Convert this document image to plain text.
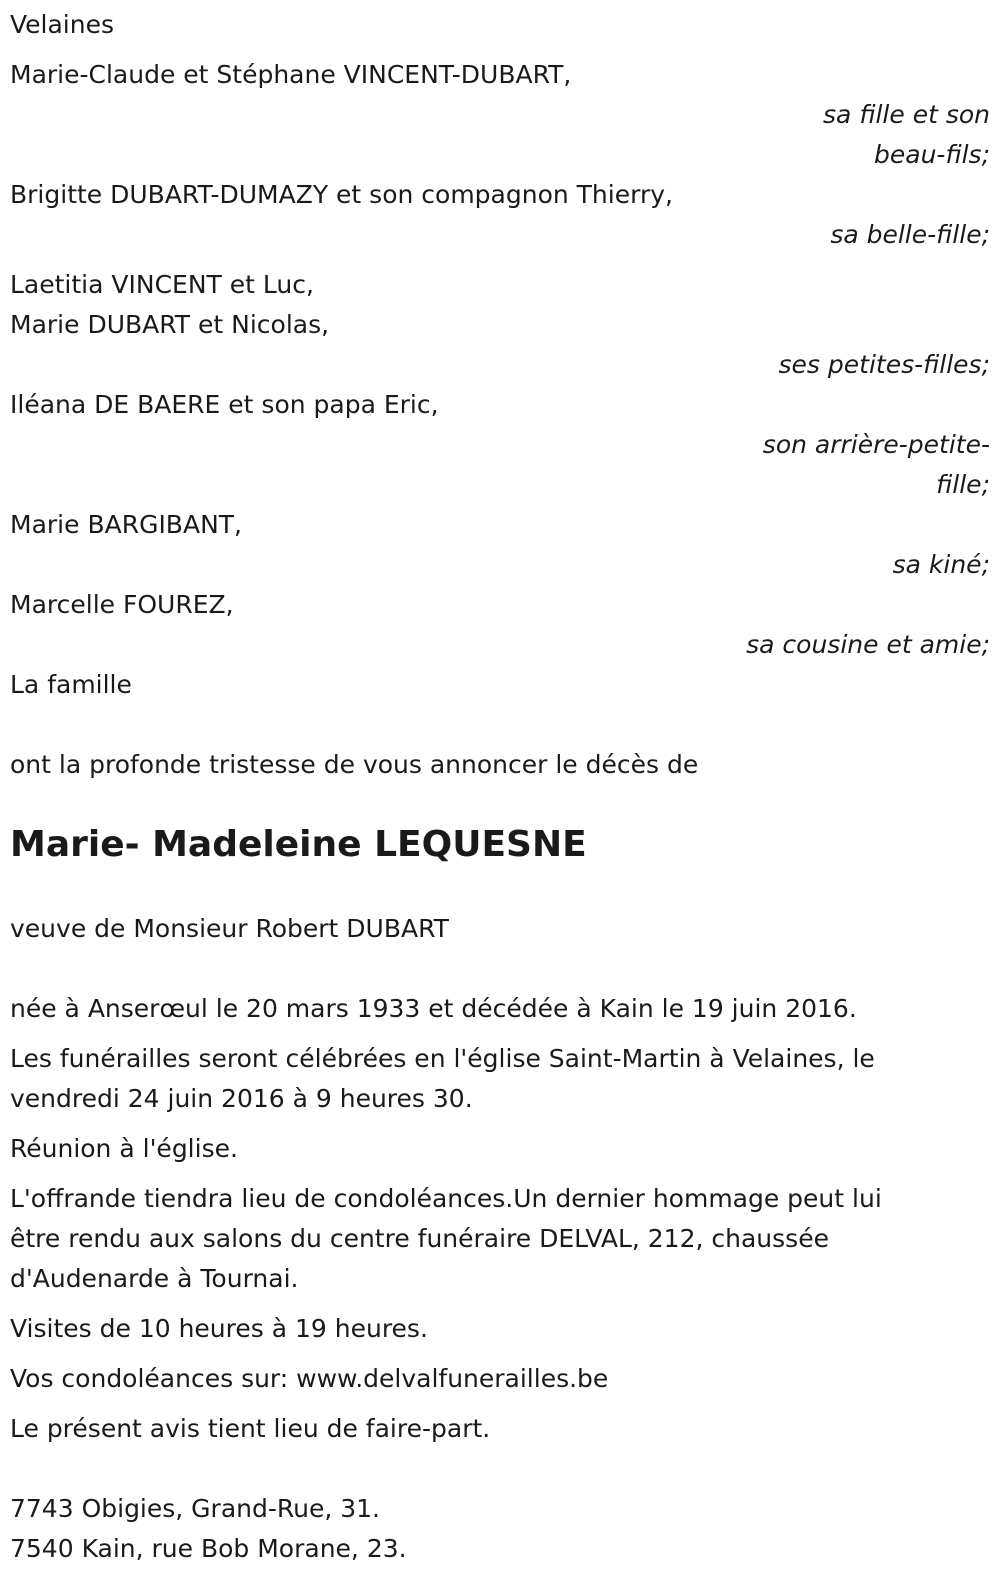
Velaines

Marie-Claude et Stéphane VINCENT-DUBART,

sa fille et son

beau-fils;

Brigitte DUBART-DUMAZY et son compagnon Thierry,

sa belle-fille;

Laetitia VINCENT et Luc,

Marie DUBART et Nicolas,

ses petites-filles;

Iléana DE BAERE et son papa Eric,

son arrière-petite-

fille;

Marie BARGIBANT,

sa kiné;

Marcelle FOUREZ,

sa cousine et amie;

La famille

ont la profonde tristesse de vous annoncer le décès de

Marie- Madeleine LEQUESNE

veuve de Monsieur Robert DUBART

née à Anserœul le 20 mars 1933 et décédée à Kain le 19 juin 2016.

Les funérailles seront célébrées en l'église Saint-Martin à Velaines, le

vendredi 24 juin 2016 à 9 heures 30.

Réunion à l'église.

L'offrande tiendra lieu de condoléances.Un dernier hommage peut lui

être rendu aux salons du centre funéraire DELVAL, 212, chaussée

d'Audenarde à Tournai.

Visites de 10 heures à 19 heures.

Vos condoléances sur: www.delvalfunerailles.be

Le présent avis tient lieu de faire-part.

7743 Obigies, Grand-Rue, 31.

7540 Kain, rue Bob Morane, 23.
